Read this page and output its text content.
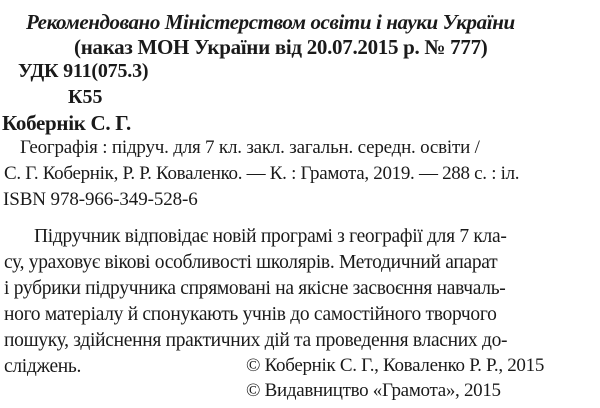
Рекомендовано Міністерством освіти і науки України
(наказ МОН України від 20.07.2015 р. № 777)
УДК 911(075.3)
К55
Кобернік С. Г.
Географія : підруч. для 7 кл. закл. загальн. середн. освіти /
С. Г. Кобернік, Р. Р. Коваленко. — К. : Грамота, 2019. — 288 с. : іл.
ISBN 978-966-349-528-6
Підручник відповідає новій програмі з географії для 7 кла-
су, ураховує вікові особливості школярів. Методичний апарат
і рубрики підручника спрямовані на якісне засвоєння навчаль-
ного матеріалу й спонукають учнів до самостійного творчого
пошуку, здійснення практичних дій та проведення власних до-
сліджень.	© Кобернік С. Г., Коваленко Р. Р., 2015
© Видавництво «Грамота», 2015
